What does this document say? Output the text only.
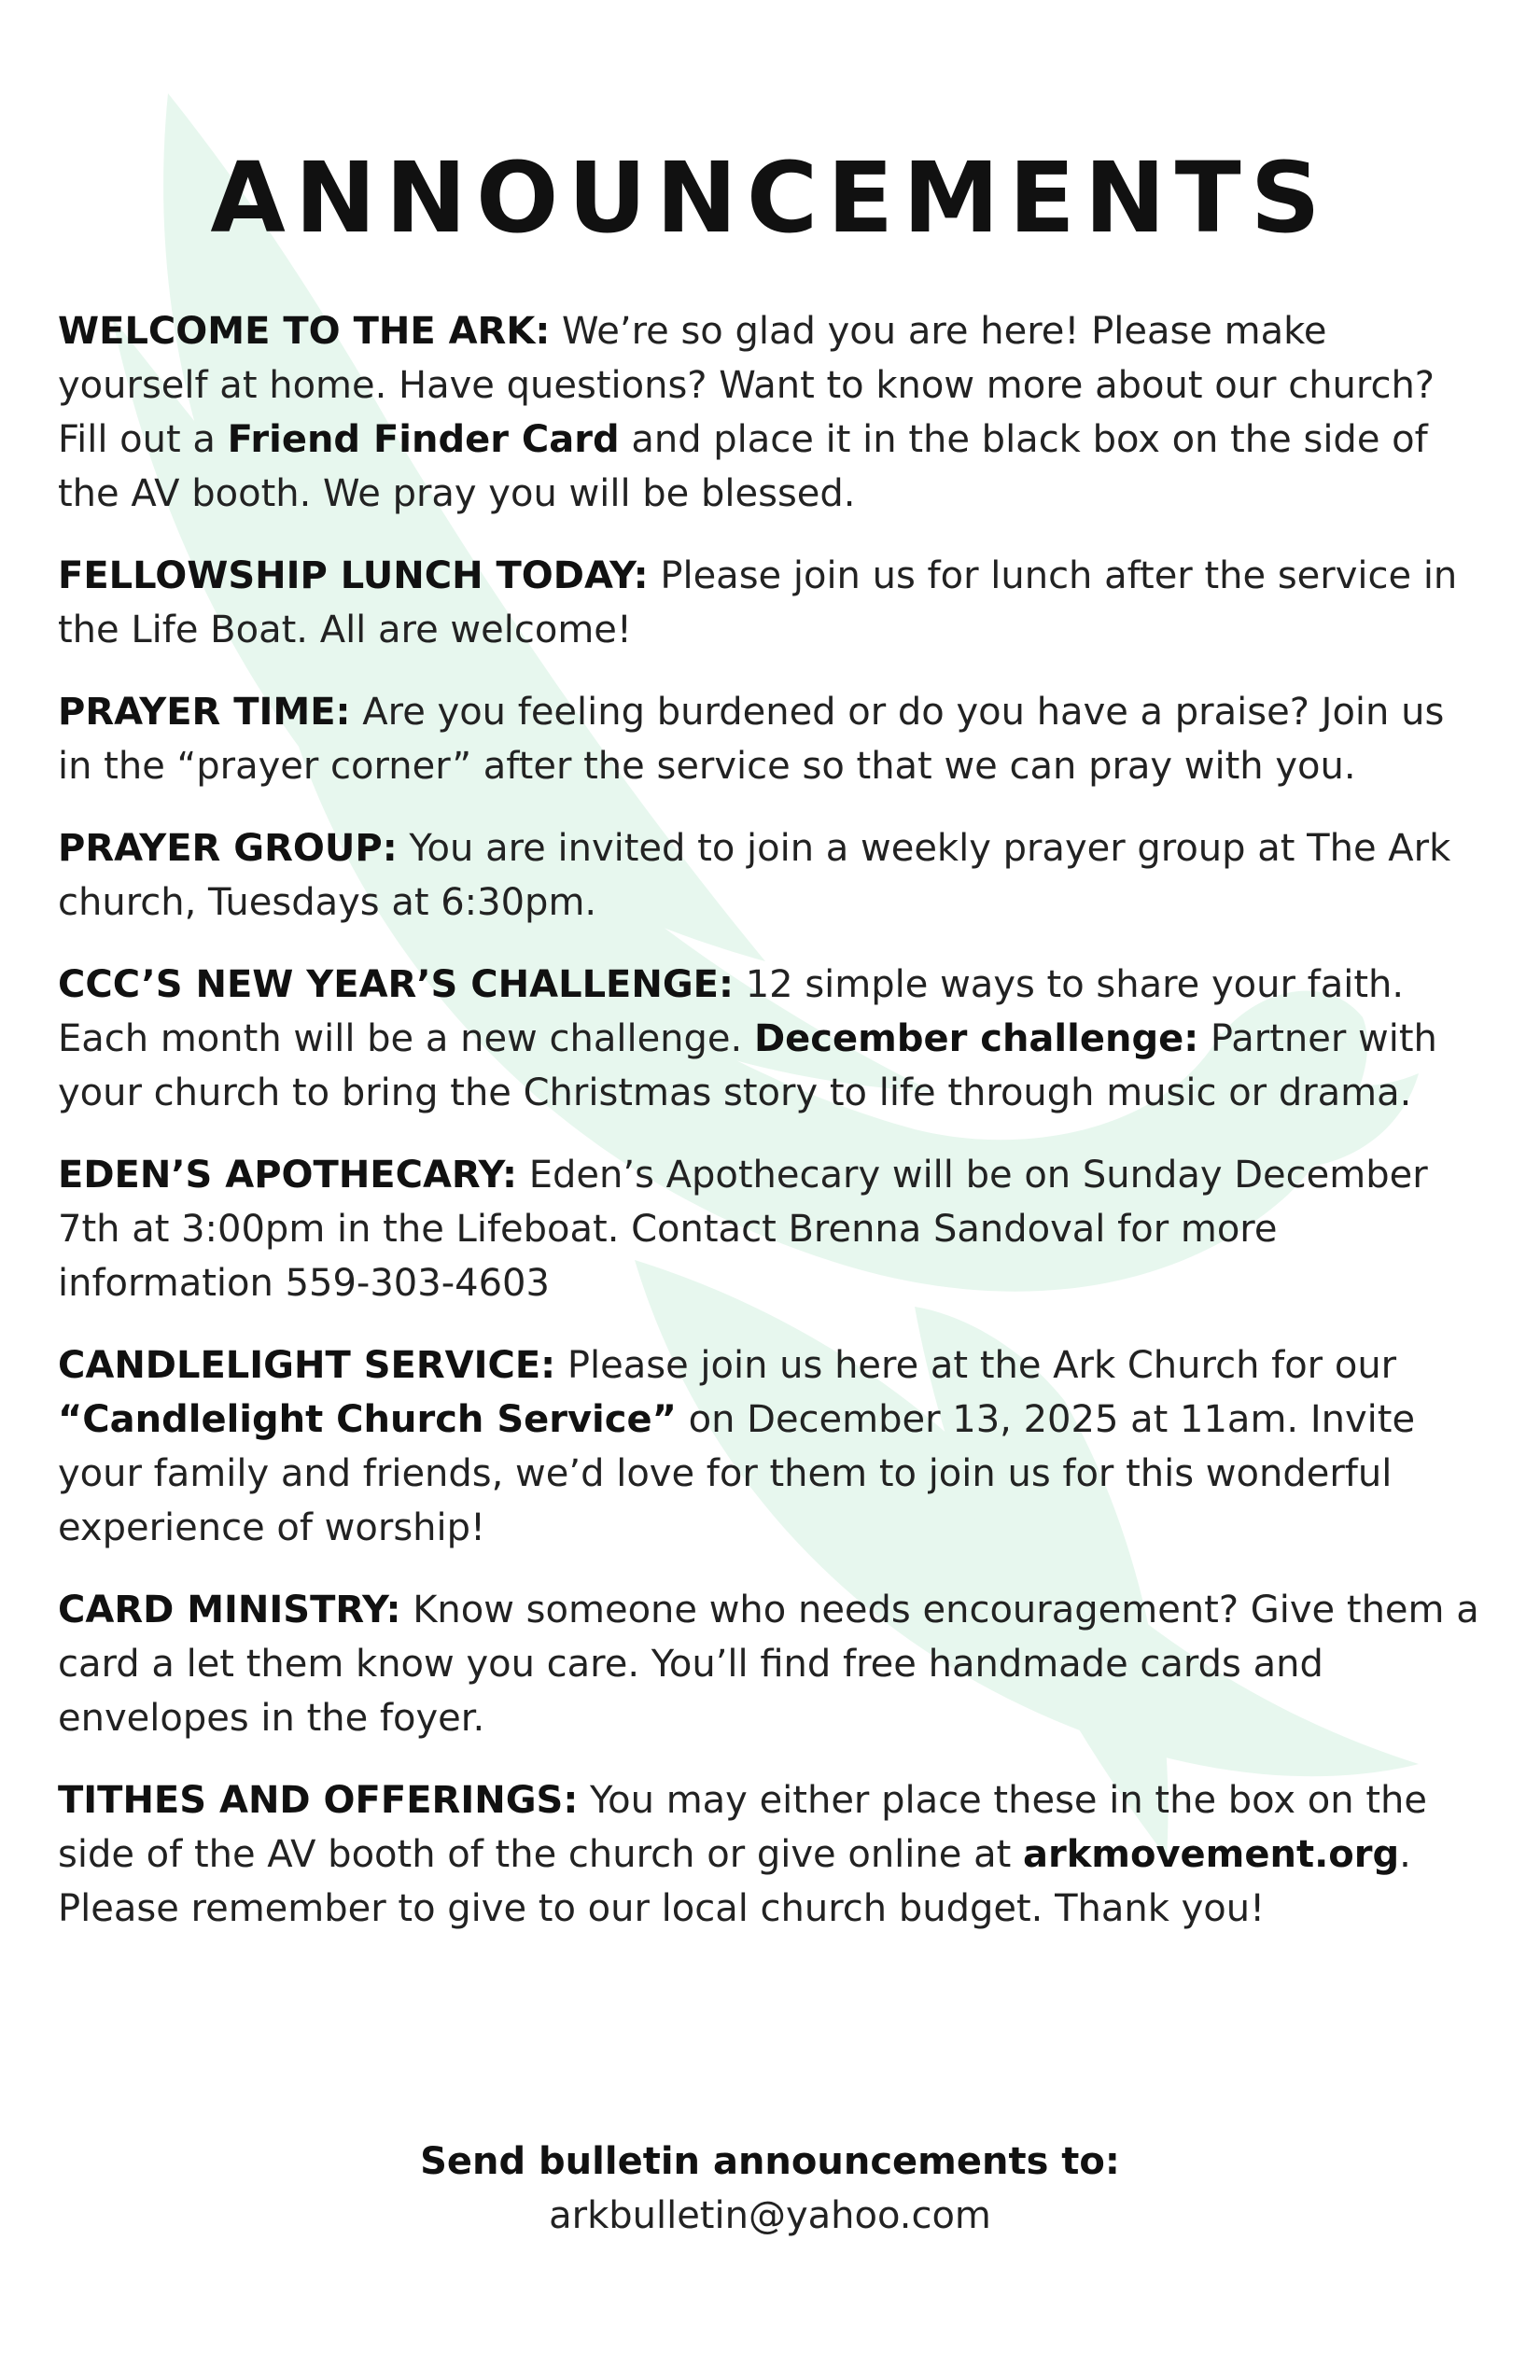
ANNOUNCEMENTS

WELCOME TO THE ARK: We’re so glad you are here! Please make yourself at home. Have questions? Want to know more about our church? Fill out a Friend Finder Card and place it in the black box on the side of the AV booth. We pray you will be blessed.

FELLOWSHIP LUNCH TODAY: Please join us for lunch after the service in the Life Boat. All are welcome!

PRAYER TIME: Are you feeling burdened or do you have a praise? Join us in the “prayer corner” after the service so that we can pray with you.

PRAYER GROUP: You are invited to join a weekly prayer group at The Ark church, Tuesdays at 6:30pm.

CCC’S NEW YEAR’S CHALLENGE: 12 simple ways to share your faith. Each month will be a new challenge. December challenge: Partner with your church to bring the Christmas story to life through music or drama.

EDEN’S APOTHECARY: Eden’s Apothecary will be on Sunday December 7th at 3:00pm in the Lifeboat. Contact Brenna Sandoval for more information 559-303-4603

CANDLELIGHT SERVICE: Please join us here at the Ark Church for our “Candlelight Church Service” on December 13, 2025 at 11am. Invite your family and friends, we’d love for them to join us for this wonderful experience of worship!

CARD MINISTRY: Know someone who needs encouragement? Give them a card a let them know you care. You’ll find free handmade cards and envelopes in the foyer.

TITHES AND OFFERINGS: You may either place these in the box on the side of the AV booth of the church or give online at arkmovement.org. Please remember to give to our local church budget. Thank you!

Send bulletin announcements to:
arkbulletin@yahoo.com
